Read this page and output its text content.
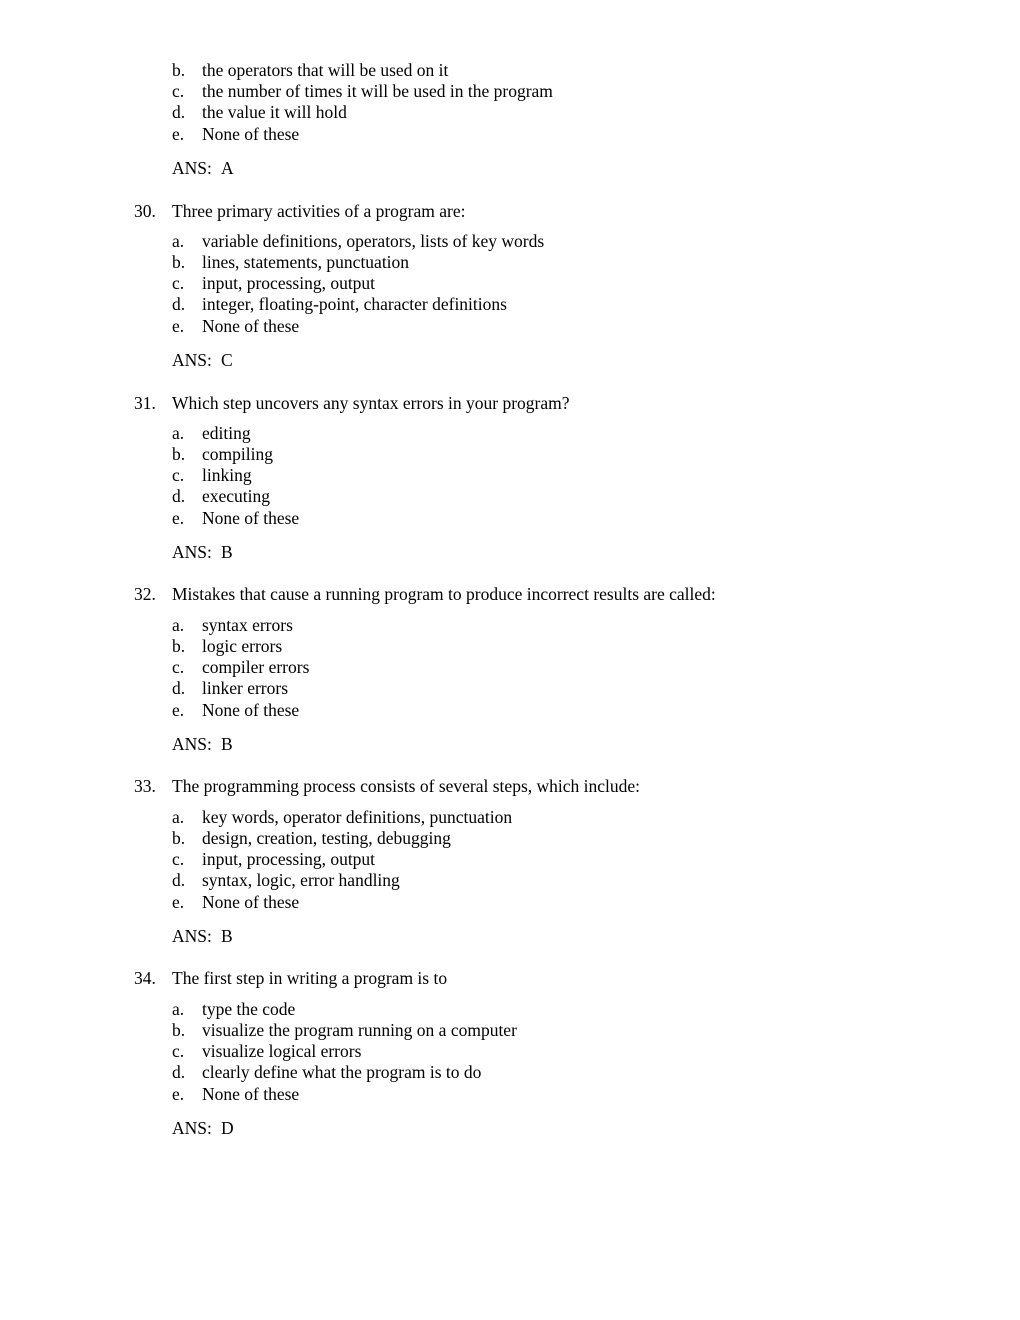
b. the operators that will be used on it
c. the number of times it will be used in the program
d. the value it will hold
e. None of these
ANS: A
30. Three primary activities of a program are:
a. variable definitions, operators, lists of key words
b. lines, statements, punctuation
c. input, processing, output
d. integer, floating-point, character definitions
e. None of these
ANS: C
31. Which step uncovers any syntax errors in your program?
a. editing
b. compiling
c. linking
d. executing
e. None of these
ANS: B
32. Mistakes that cause a running program to produce incorrect results are called:
a. syntax errors
b. logic errors
c. compiler errors
d. linker errors
e. None of these
ANS: B
33. The programming process consists of several steps, which include:
a. key words, operator definitions, punctuation
b. design, creation, testing, debugging
c. input, processing, output
d. syntax, logic, error handling
e. None of these
ANS: B
34. The first step in writing a program is to
a. type the code
b. visualize the program running on a computer
c. visualize logical errors
d. clearly define what the program is to do
e. None of these
ANS: D
